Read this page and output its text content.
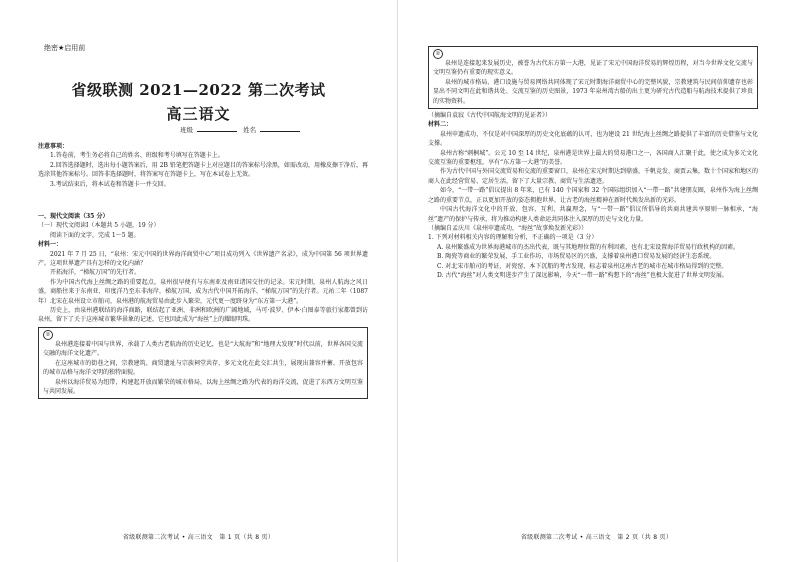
绝密★启用前
省级联测 2021—2022 第二次考试
高三语文
班级	姓名

注意事项：

1.答卷前，考生务必将自己的姓名、班级和考号填写在答题卡上。

2.回答选择题时，选出每小题答案后，用 2B 铅笔把答题卡上对应题目的答案标号涂黑，如需改动，用橡皮擦干净后，再选涂其他答案标号。回答非选择题时，将答案写在答题卡上，写在本试卷上无效。

3.考试结束后，将本试卷和答题卡一并交回。

一、现代文阅读（35 分）

（一）现代文阅读Ⅰ（本题共 5 小题，19 分）

阅读下面的文字，完成 1～5 题。

材料一：

2021 年 7 月 25 日，“泉州：宋元中国的世界海洋商贸中心”项目成功列入《世界遗产名录》，成为中国第 56 项世界遗产。这项世界遗产具有怎样的文化内涵？

开拓海洋，“梯航万国”的先行者。

作为中国古代海上丝绸之路的重要起点，泉州很早便有与东南亚及南亚诸国交往的记录。宋元时期，泉州人航海之风日盛，商船往来于东南亚、印度洋乃至东非海岸，梯航万国，成为古代中国开拓海洋、“梯航万国”的先行者。元祐二年（1087 年）北宋在泉州设立市舶司，泉州港的航海贸易由此步入繁荣，元代更一度跻身为“东方第一大港”。

历史上，由泉州港联结的海洋商路，联结起了亚洲、非洲和欧洲的广阔地域，马可·波罗、伊本·白图泰等旅行家都曾到访泉州，留下了关于这座城市繁华景象的记述，它也因此成为“海丝”上的耀眼明珠。

②

泉州港连接着中国与世界，承载了人类古老航海的历史记忆，也是“大航海”和“地理大发现”时代以前，世界各国交流交融的海洋文化遗产。

在这座城市的街巷之间，宗教建筑、商贸遗址与宗族祠堂共存，多元文化在此交汇共生，展现出兼容并蓄、开放包容的城市品格与海洋文明的独特面貌。

泉州以海洋贸易为纽带，构建起开放而繁荣的城市格局，以海上丝绸之路为代表的海洋交流，促进了东西方文明互鉴与共同发展。

省级联测第二次考试 • 高三语文　第 1 页（共 8 页）

②

泉州是连接起来发展历史，被誉为古代东方第一大港，见证了宋元中国海洋贸易的辉煌历程，对当今世界文化交流与文明互鉴仍有重要的现实意义。

泉州的城市格局、港口设施与贸易网络共同体现了宋元时期海洋商贸中心的完整风貌，宗教建筑与民间信仰遗存也彰显出不同文明在此和谐共处、交流互鉴的历史图景，1973 年泉州湾古船的出土更为研究古代造船与航海技术提供了珍贵的实物资料。

（摘编自袁寂《古代中国航海文明的见证者》）

材料二：

泉州申遗成功，不仅是对中国深厚的历史文化底蕴的认可，也为建设 21 世纪海上丝绸之路提供了丰富的历史借鉴与文化支撑。

泉州古称“刺桐城”。公元 10 至 14 世纪，泉州港是世界上最大的贸易港口之一，各国商人汇聚于此，使之成为多元文化交流互鉴的重要枢纽，享有“东方第一大港”的美誉。

作为古代中国与外国交流贸易和交流的重要窗口，泉州在宋元时期达到鼎盛，千帆竞发、商贾云集，数十个国家和地区的商人在此经营贸易、定居生活，留下了大量宗教、商贸与生活遗迹。

如今，“一带一路”倡议提出 8 年来，已有 140 个国家和 32 个国际组织加入“一带一路”共建朋友圈，泉州作为海上丝绸之路的重要节点，正以更加开放的姿态拥抱世界，让古老的海丝精神在新时代焕发出新的光彩。

中国古代海洋文化中的开放、包容、互利、共赢理念，与“一带一路”倡议所倡导的共商共建共享原则一脉相承，“海丝”遗产的保护与传承，将为推动构建人类命运共同体注入深厚的历史与文化力量。

（摘编自孟庆川《泉州申遗成功，“海丝”故事焕发新光彩》）

1. 下列对材料相关内容的理解和分析，不正确的一项是（3 分）

A. 泉州繁盛成为世界海港城市的杰出代表，既与其地理位置的有利因素，也有北宋设置海洋贸易行政机构的因素。

B. 陶瓷等商业的繁荣发展，手工业作坊、市场贸易区的兴盛，支撑着泉州港口贸易发展的经济生态系统。

C. 对北宋市舶司的考证，对瓷窑、本下沉船的考古发现，标志着泉州这座古老的城市在城市格局得到的完整。

D. 古代“海丝”对人类文明进步产生了深远影响，今天“一带一路”构想下的“海丝”也极大促进了世界文明发展。

省级联测第二次考试 • 高三语文　第 2 页（共 8 页）
